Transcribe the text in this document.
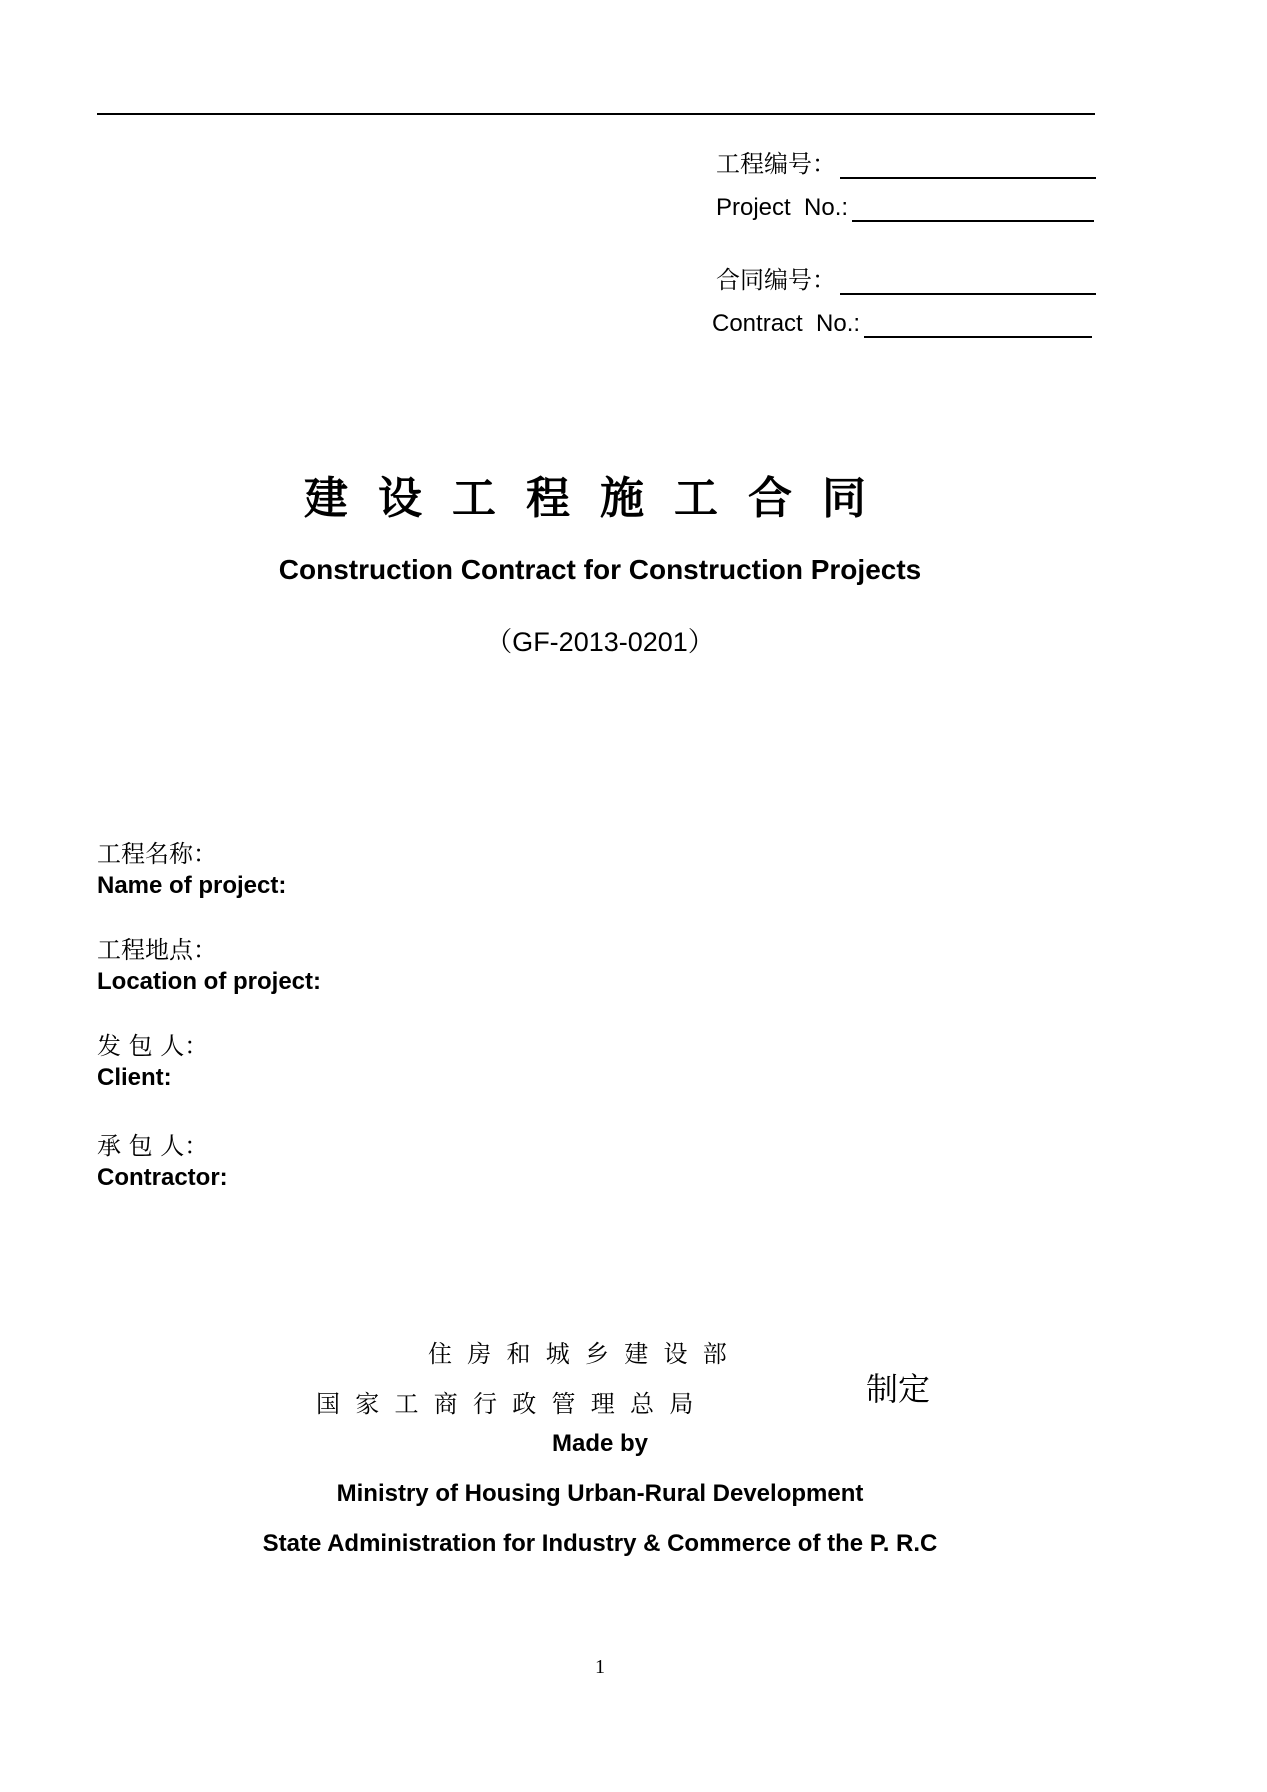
工程编号：
Project  No.:
合同编号：
Contract  No.:
建设工程施工合同
Construction Contract for Construction Projects
（GF-2013-0201）
工程名称：
Name of project:
工程地点：
Location of project:
发 包 人：
Client:
承 包 人：
Contractor:
住  房  和  城  乡  建  设  部
国  家  工  商  行  政  管  理  总  局	制定
Made by
Ministry of Housing Urban-Rural Development
State Administration for Industry & Commerce of the P. R.C
1
